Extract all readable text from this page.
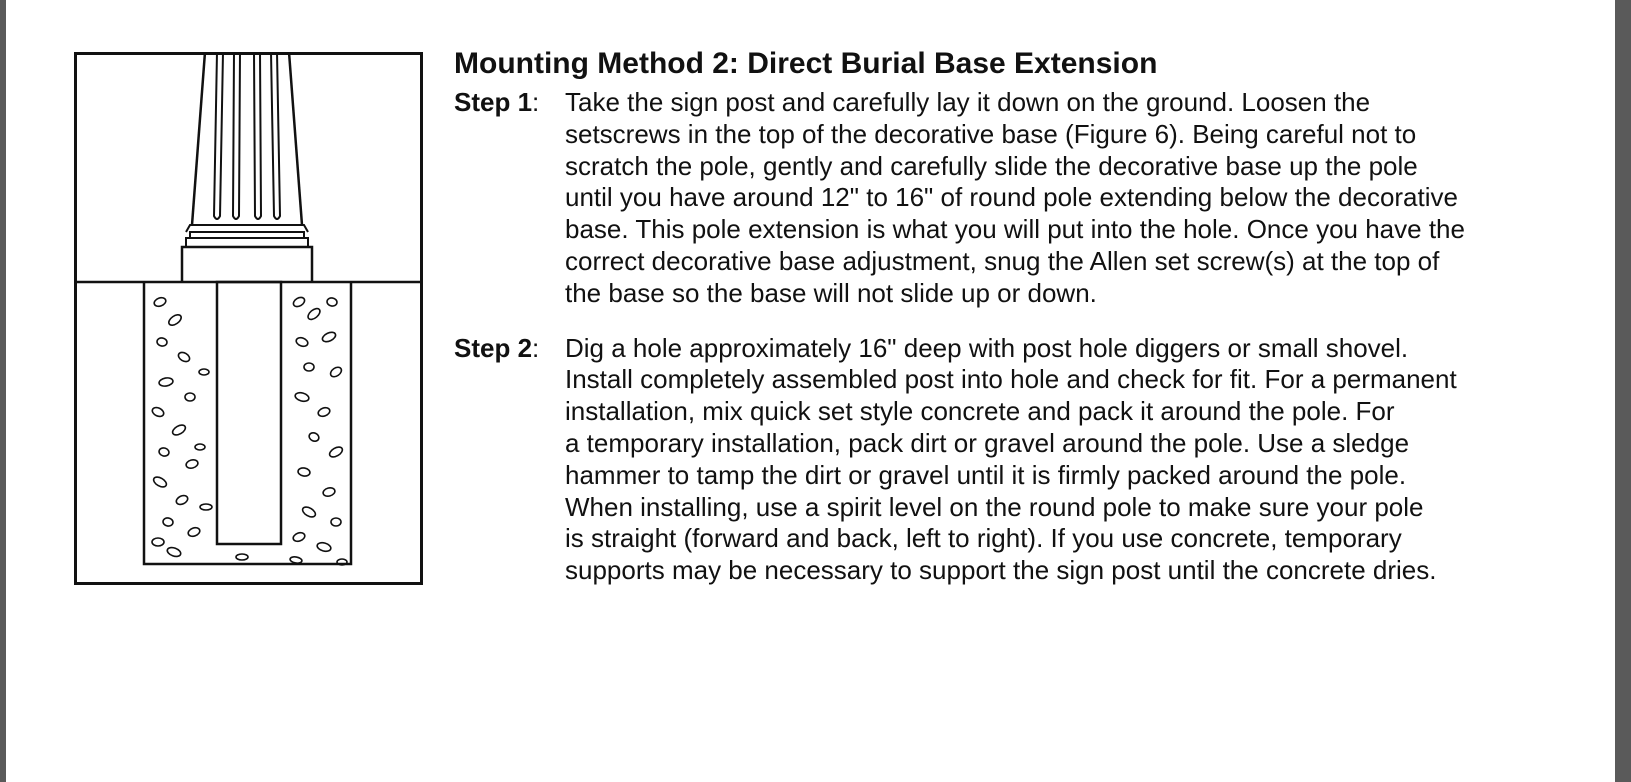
Mounting Method 2: Direct Burial Base Extension
Step 1: Take the sign post and carefully lay it down on the ground. Loosen the
setscrews in the top of the decorative base (Figure 6). Being careful not to
scratch the pole, gently and carefully slide the decorative base up the pole
until you have around 12" to 16" of round pole extending below the decorative
base. This pole extension is what you will put into the hole. Once you have the
correct decorative base adjustment, snug the Allen set screw(s) at the top of
the base so the base will not slide up or down.
Step 2: Dig a hole approximately 16" deep with post hole diggers or small shovel.
Install completely assembled post into hole and check for fit. For a permanent
installation, mix quick set style concrete and pack it around the pole. For
a temporary installation, pack dirt or gravel around the pole. Use a sledge
hammer to tamp the dirt or gravel until it is firmly packed around the pole.
When installing, use a spirit level on the round pole to make sure your pole
is straight (forward and back, left to right). If you use concrete, temporary
supports may be necessary to support the sign post until the concrete dries.
